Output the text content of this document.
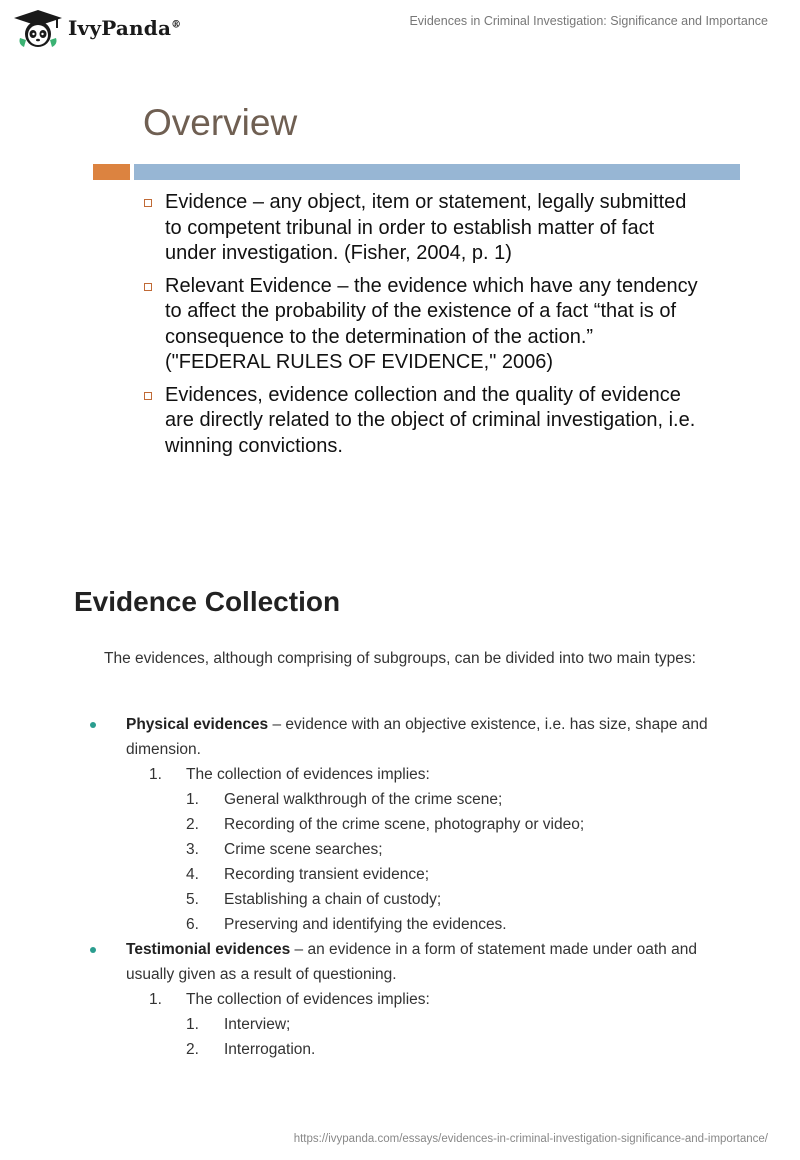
IvyPanda®	Evidences in Criminal Investigation: Significance and Importance
Overview
Evidence – any object, item or statement, legally submitted to competent tribunal in order to establish matter of fact under investigation. (Fisher, 2004, p. 1)
Relevant Evidence – the evidence which have any tendency to affect the probability of the existence of a fact “that is of consequence to the determination of the action.” ("FEDERAL RULES OF EVIDENCE," 2006)
Evidences, evidence collection and the quality of evidence are directly related to the object of criminal investigation, i.e. winning convictions.
Evidence Collection

The evidences, although comprising of subgroups, can be divided into two main types:

Physical evidences – evidence with an objective existence, i.e. has size, shape and dimension.
1. The collection of evidences implies:
1. General walkthrough of the crime scene;
2. Recording of the crime scene, photography or video;
3. Crime scene searches;
4. Recording transient evidence;
5. Establishing a chain of custody;
6. Preserving and identifying the evidences.
Testimonial evidences – an evidence in a form of statement made under oath and usually given as a result of questioning.
1. The collection of evidences implies:
1. Interview;
2. Interrogation.
https://ivypanda.com/essays/evidences-in-criminal-investigation-significance-and-importance/
